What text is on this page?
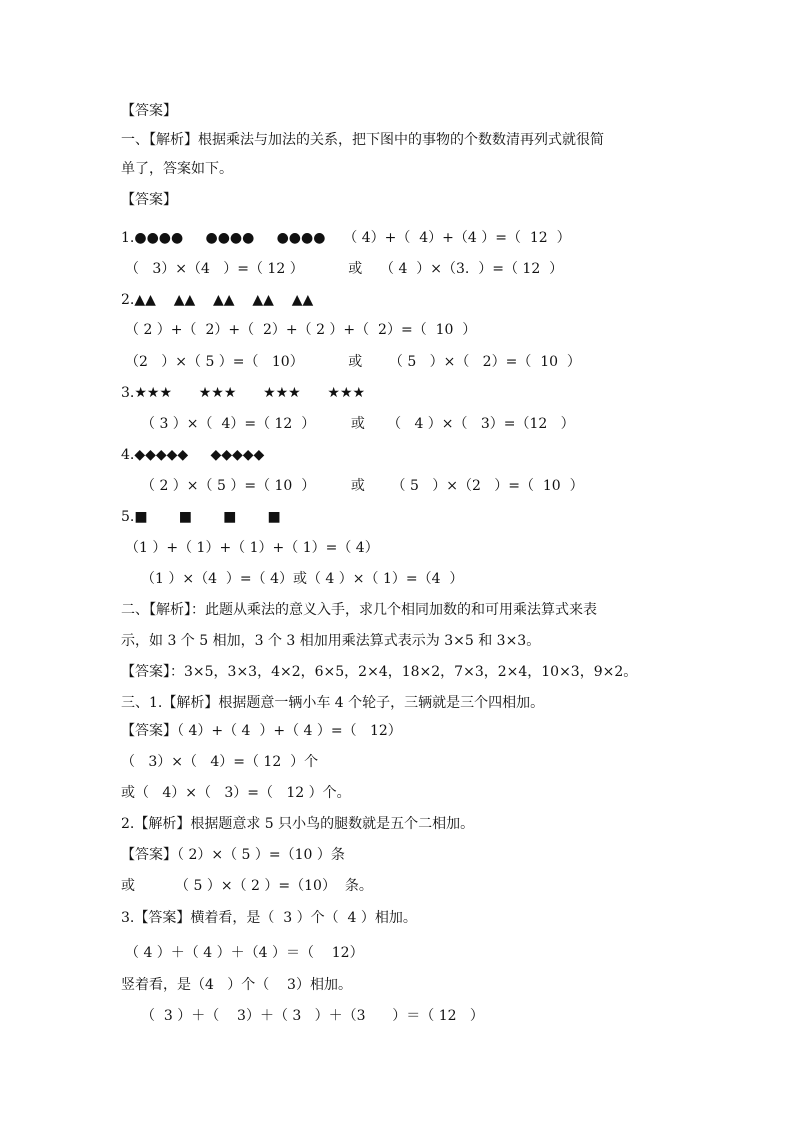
【答案】
一、【解析】根据乘法与加法的关系，把下图中的事物的个数数清再列式就很简
单了，答案如下。
【答案】
1.●●●●     ●●●●     ●●●●    （ 4）+（  4）+（4 ）=（  12  ）
（   3）×（4   ）=（ 12 ）          或    （ 4  ）×（3.  ）=（ 12  ）
2.▲▲    ▲▲    ▲▲    ▲▲    ▲▲
（ 2 ）+（  2）+（  2）+（ 2 ）+（  2）=（  10  ）
（2   ）×（ 5 ）=（   10）          或      （ 5   ）×（   2）=（  10  ）
3.★★★      ★★★      ★★★      ★★★
（ 3 ）×（  4）=（ 12  ）        或     （   4 ）×（   3）=（12   ）
4.◆◆◆◆◆     ◆◆◆◆◆
（ 2 ）×（ 5 ）=（ 10  ）        或      （ 5   ）×（2   ）=（  10  ）
5.■       ■       ■       ■
（1 ）+（ 1）+（ 1）+（ 1）=（ 4）
（1 ）×（4  ）=（ 4）或（ 4 ）×（ 1）=（4  ）
二、【解析】：此题从乘法的意义入手，求几个相同加数的和可用乘法算式来表
示，如 3 个 5 相加，3 个 3 相加用乘法算式表示为 3×5 和 3×3。
【答案】：3×5，3×3，4×2，6×5，2×4，18×2，7×3，2×4，10×3，9×2。
三、1.【解析】根据题意一辆小车 4 个轮子，三辆就是三个四相加。
【答案】（ 4）+（ 4  ）+（ 4 ）=（   12）
（   3）×（   4）=（ 12  ）个
或（   4）×（   3）=（   12 ）个。
2.【解析】根据题意求 5 只小鸟的腿数就是五个二相加。
【答案】（ 2）×（ 5 ）=（10 ）条
或         （ 5 ）×（ 2 ）=（10）  条。
3.【答案】横着看，是（  3 ）个（  4 ）相加。
（ 4 ）＋（ 4 ）＋（4 ）＝（    12）
竖着看，是（4   ）个（    3）相加。
（  3 ）＋（    3）＋（ 3   ）＋（3      ）＝（ 12   ）
